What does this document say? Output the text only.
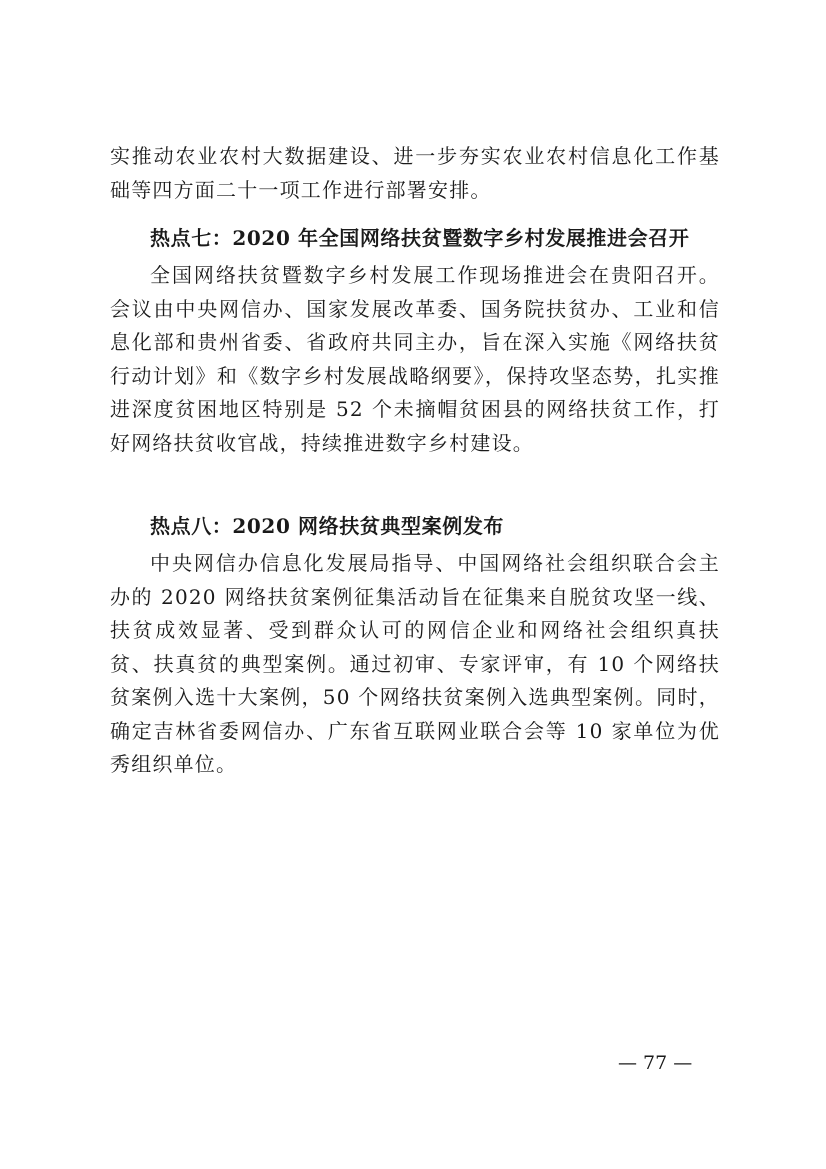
实推动农业农村大数据建设、进一步夯实农业农村信息化工作基础等四方面二十一项工作进行部署安排。

热点七：2020 年全国网络扶贫暨数字乡村发展推进会召开

全国网络扶贫暨数字乡村发展工作现场推进会在贵阳召开。会议由中央网信办、国家发展改革委、国务院扶贫办、工业和信息化部和贵州省委、省政府共同主办，旨在深入实施《网络扶贫行动计划》和《数字乡村发展战略纲要》，保持攻坚态势，扎实推进深度贫困地区特别是 52 个未摘帽贫困县的网络扶贫工作，打好网络扶贫收官战，持续推进数字乡村建设。

热点八：2020 网络扶贫典型案例发布

中央网信办信息化发展局指导、中国网络社会组织联合会主办的 2020 网络扶贫案例征集活动旨在征集来自脱贫攻坚一线、扶贫成效显著、受到群众认可的网信企业和网络社会组织真扶贫、扶真贫的典型案例。通过初审、专家评审，有 10 个网络扶贫案例入选十大案例，50 个网络扶贫案例入选典型案例。同时，确定吉林省委网信办、广东省互联网业联合会等 10 家单位为优秀组织单位。

— 77 —
